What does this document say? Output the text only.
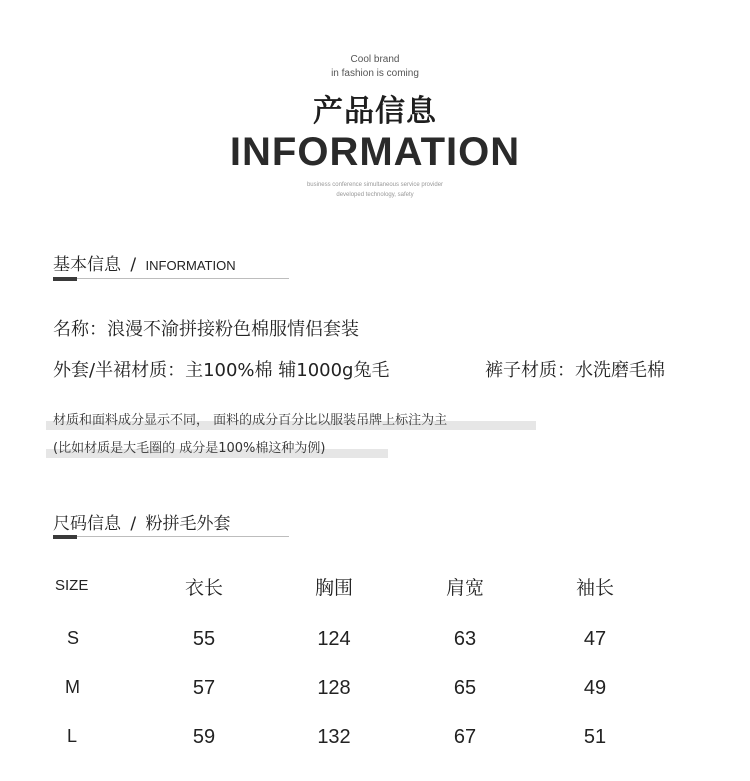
Cool brand
in fashion is coming
产品信息
INFORMATION
business conference simultaneous service provider
developed technology, safety
基本信息 / INFORMATION
名称：浪漫不渝拼接粉色棉服情侣套装
外套/半裙材质：主100%棉 辅1000g兔毛	裤子材质：水洗磨毛棉
材质和面料成分显示不同， 面料的成分百分比以服装吊牌上标注为主
(比如材质是大毛圈的 成分是100%棉这种为例)
尺码信息 / 粉拼毛外套
SIZE	衣长	胸围	肩宽	袖长
S	55	124	63	47
M	57	128	65	49
L	59	132	67	51
